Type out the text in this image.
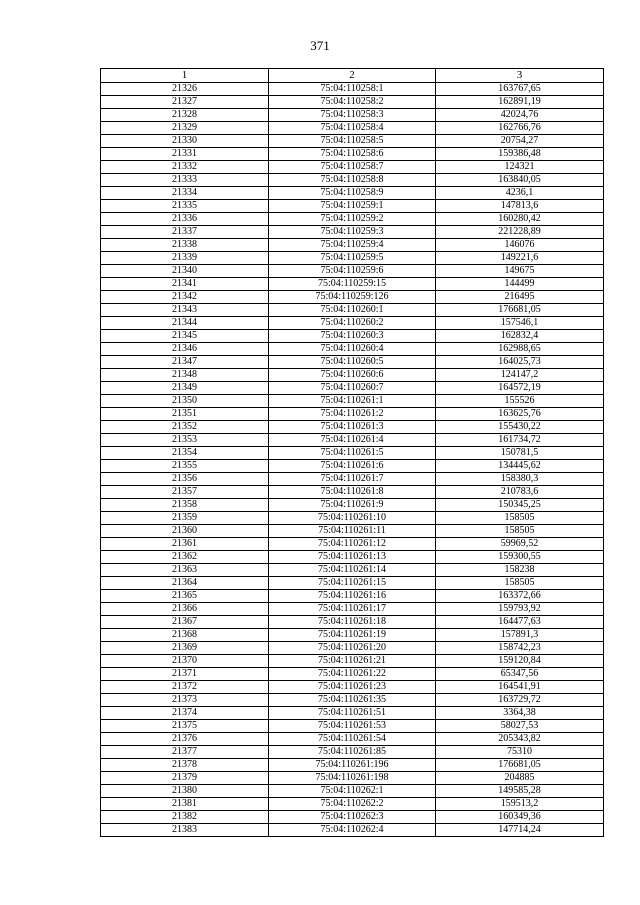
371
1	2	3
21326	75:04:110258:1	163767,65
21327	75:04:110258:2	162891,19
21328	75:04:110258:3	42024,76
21329	75:04:110258:4	162766,76
21330	75:04:110258:5	20754,27
21331	75:04:110258:6	159386,48
21332	75:04:110258:7	124321
21333	75:04:110258:8	163840,05
21334	75:04:110258:9	4236,1
21335	75:04:110259:1	147813,6
21336	75:04:110259:2	160280,42
21337	75:04:110259:3	221228,89
21338	75:04:110259:4	146076
21339	75:04:110259:5	149221,6
21340	75:04:110259:6	149675
21341	75:04:110259:15	144499
21342	75:04:110259:126	216495
21343	75:04:110260:1	176681,05
21344	75:04:110260:2	157546,1
21345	75:04:110260:3	162832,4
21346	75:04:110260:4	162988,65
21347	75:04:110260:5	164025,73
21348	75:04:110260:6	124147,2
21349	75:04:110260:7	164572,19
21350	75:04:110261:1	155526
21351	75:04:110261:2	163625,76
21352	75:04:110261:3	155430,22
21353	75:04:110261:4	161734,72
21354	75:04:110261:5	150781,5
21355	75:04:110261:6	134445,62
21356	75:04:110261:7	158380,3
21357	75:04:110261:8	210783,6
21358	75:04:110261:9	150345,25
21359	75:04:110261:10	158505
21360	75:04:110261:11	158505
21361	75:04:110261:12	59969,52
21362	75:04:110261:13	159300,55
21363	75:04:110261:14	158238
21364	75:04:110261:15	158505
21365	75:04:110261:16	163372,66
21366	75:04:110261:17	159793,92
21367	75:04:110261:18	164477,63
21368	75:04:110261:19	157891,3
21369	75:04:110261:20	158742,23
21370	75:04:110261:21	159120,84
21371	75:04:110261:22	65347,56
21372	75:04:110261:23	164541,91
21373	75:04:110261:35	163729,72
21374	75:04:110261:51	3364,38
21375	75:04:110261:53	58027,53
21376	75:04:110261:54	205343,82
21377	75:04:110261:85	75310
21378	75:04:110261:196	176681,05
21379	75:04:110261:198	204885
21380	75:04:110262:1	149585,28
21381	75:04:110262:2	159513,2
21382	75:04:110262:3	160349,36
21383	75:04:110262:4	147714,24
